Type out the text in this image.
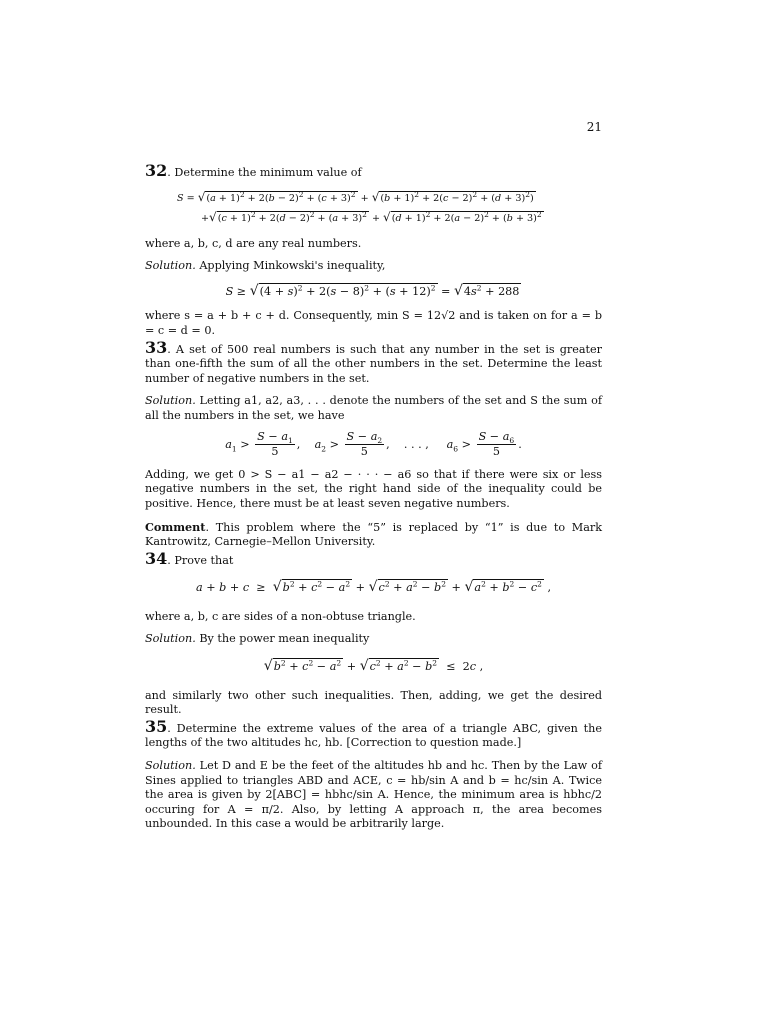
21

32. Determine the minimum value of

$S = √(a + 1)^2 + 2(b - 2)^2 + (c + 3)^2 + √(b + 1)^2 + 2(c - 2)^2 + (d + 3)^2$)
$+√(c + 1)^2 + 2(d - 2)^2 + (a + 3)^2 + √(d + 1)^2 + 2(a - 2)^2 + (b + 3)^2$

where a, b, c, d are any real numbers.

Solution. Applying Minkowski's inequality,

$S \ge √(4 + s)^2 + 2(s - 8)^2 + (s + 12)^2 = √4s^2 + 288$

where s = a + b + c + d. Consequently, min S = 12√2 and is taken on for a = b = c = d = 0.

33. A set of 500 real numbers is such that any number in the set is greater than one-fifth the sum of all the other numbers in the set. Determine the least number of negative numbers in the set.

Solution. Letting a1, a2, a3, . . . denote the numbers of the set and S the sum of all the numbers in the set, we have

$a_1 > \frac{S - a_1}{5}$ ,    $a_2 > \frac{S - a_2}{5}$ ,    . . . ,     $a_6 > \frac{S - a_6}{5}$ .

Adding, we get 0 > S − a1 − a2 − · · · − a6 so that if there were six or less negative numbers in the set, the right hand side of the inequality could be positive. Hence, there must be at least seven negative numbers.

Comment. This problem where the “5” is replaced by “1” is due to Mark Kantrowitz, Carnegie–Mellon University.

34. Prove that

$a + b + c \ge √b^2 + c^2 - a^2 + √c^2 + a^2 - b^2 + √a^2 + b^2 - c^2$ ,

where a, b, c are sides of a non-obtuse triangle.

Solution. By the power mean inequality

$√b^2 + c^2 - a^2 + √c^2 + a^2 - b^2 \le 2c$ ,

and similarly two other such inequalities. Then, adding, we get the desired result.

35. Determine the extreme values of the area of a triangle ABC, given the lengths of the two altitudes hc, hb. [Correction to question made.]

Solution. Let D and E be the feet of the altitudes hb and hc. Then by the Law of Sines applied to triangles ABD and ACE, c = hb/sin A and b = hc/sin A. Twice the area is given by 2[ABC] = hbhc/sin A. Hence, the minimum area is hbhc/2 occuring for A = π/2. Also, by letting A approach π, the area becomes unbounded. In this case a would be arbitrarily large.
